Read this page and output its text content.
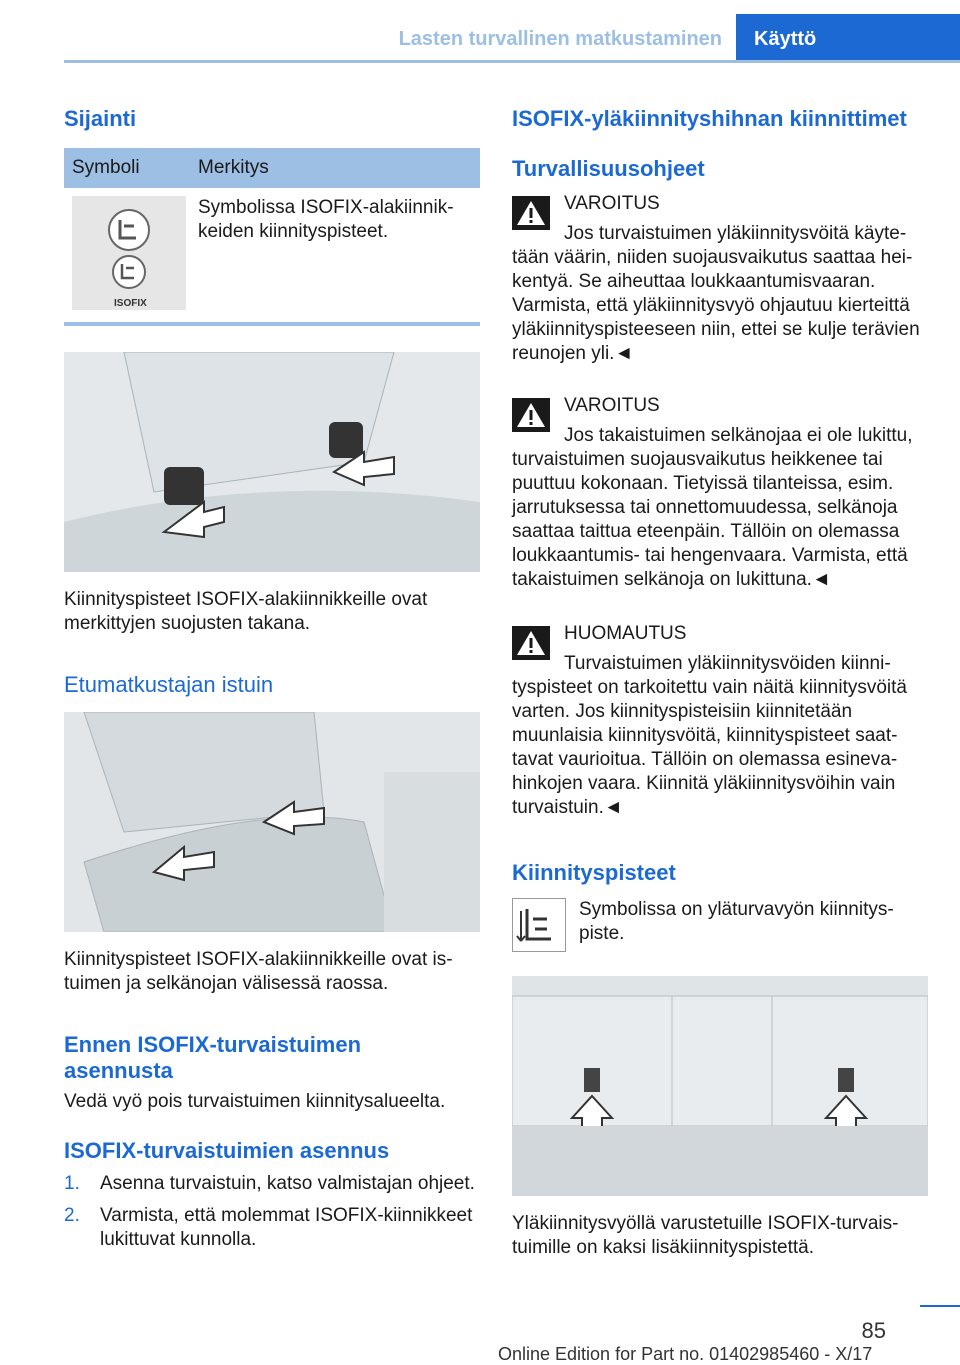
Lasten turvallinen matkustaminen	Käyttö
Sijainti
Symboli	Merkitys

ISOFIX	Symbolissa ISOFIX-alakiinnikkeiden kiinnityspisteet.

Kiinnityspisteet ISOFIX-alakiinnikkeille ovat merkittyjen suojusten takana.

Etumatkustajan istuin

Kiinnityspisteet ISOFIX-alakiinnikkeille ovat istuimen ja selkänojan välisessä raossa.

Ennen ISOFIX-turvaistuimen asennusta

Vedä vyö pois turvaistuimen kiinnitysalueelta.

ISOFIX-turvaistuimien asennus
1. Asenna turvaistuin, katso valmistajan ohjeet.
2. Varmista, että molemmat ISOFIX-kiinnikkeet lukittuvat kunnolla.
ISOFIX-yläkiinnityshihnan kiinnittimet
Turvallisuusohjeet

VAROITUS

Jos turvaistuimen yläkiinnitysvöitä käytetään väärin, niiden suojausvaikutus saattaa heikentyä. Se aiheuttaa loukkaantumisvaaran. Varmista, että yläkiinnitysvyö ohjautuu kierteittä yläkiinnityspisteeseen niin, ettei se kulje terävien reunojen yli.◄

VAROITUS

Jos takaistuimen selkänojaa ei ole lukittu, turvaistuimen suojausvaikutus heikkenee tai puuttuu kokonaan. Tietyissä tilanteissa, esim. jarrutuksessa tai onnettomuudessa, selkänoja saattaa taittua eteenpäin. Tällöin on olemassa loukkaantumis- tai hengenvaara. Varmista, että takaistuimen selkänoja on lukittuna.◄

HUOMAUTUS

Turvaistuimen yläkiinnitysvöiden kiinnityspisteet on tarkoitettu vain näitä kiinnitysvöitä varten. Jos kiinnityspisteisiin kiinnitetään muunlaisia kiinnitysvöitä, kiinnityspisteet saattavat vaurioitua. Tällöin on olemassa esinevahinkojen vaara. Kiinnitä yläkiinnitysvöihin vain turvaistuin.◄

Kiinnityspisteet

Symbolissa on yläturvavyön kiinnityspiste.

Yläkiinnitysvyöllä varustetuille ISOFIX-turvaistuimille on kaksi lisäkiinnityspistettä.

85
Online Edition for Part no. 01402985460 - X/17
